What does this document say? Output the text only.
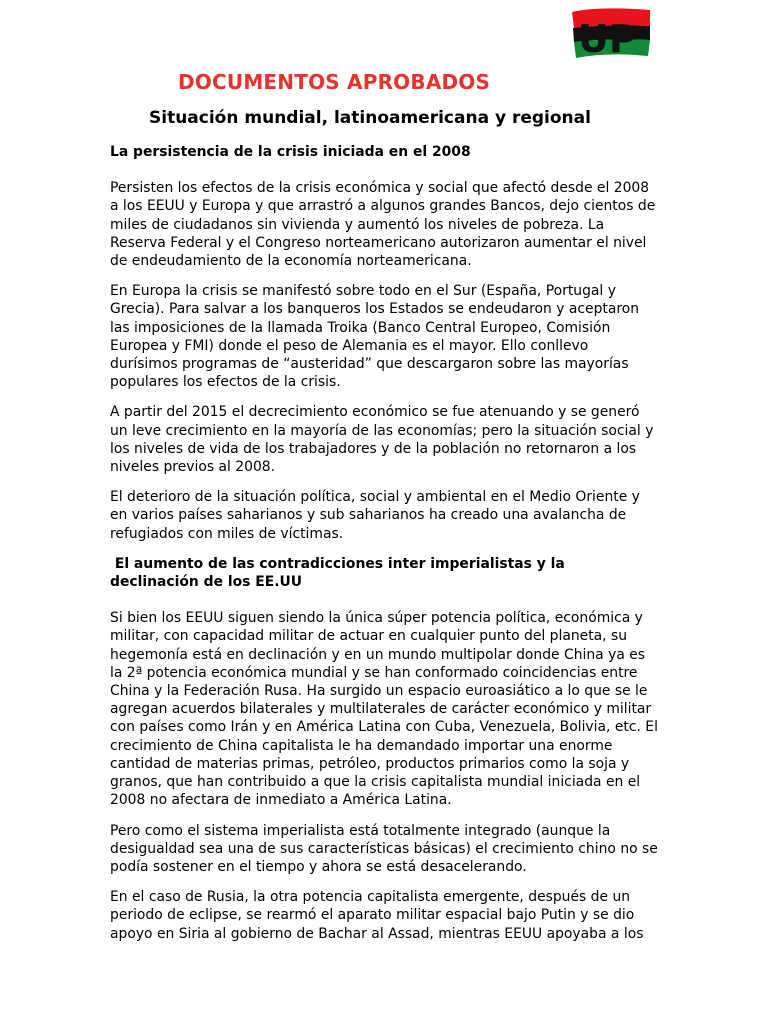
UP
DOCUMENTOS APROBADOS
Situación mundial, latinoamericana y regional
La persistencia de la crisis iniciada en el 2008

Persisten los efectos de la crisis económica y social que afectó desde el 2008 a los EEUU y Europa y que arrastró a algunos grandes Bancos, dejo cientos de miles de ciudadanos sin vivienda y aumentó los niveles de pobreza. La Reserva Federal y el Congreso norteamericano autorizaron aumentar el nivel de endeudamiento de la economía norteamericana.

En Europa la crisis se manifestó sobre todo en el Sur (España, Portugal y Grecia). Para salvar a los banqueros los Estados se endeudaron y aceptaron las imposiciones de la llamada Troika (Banco Central Europeo, Comisión Europea y FMI) donde el peso de Alemania es el mayor. Ello conllevo durísimos programas de “austeridad” que descargaron sobre las mayorías populares los efectos de la crisis.

A partir del 2015 el decrecimiento económico se fue atenuando y se generó un leve crecimiento en la mayoría de las economías; pero la situación social y los niveles de vida de los trabajadores y de la población no retornaron a los niveles previos al 2008.

El deterioro de la situación política, social y ambiental en el Medio Oriente y en varios países saharianos y sub saharianos ha creado una avalancha de refugiados con miles de víctimas.

El aumento de las contradicciones inter imperialistas y la declinación de los EE.UU

Si bien los EEUU siguen siendo la única súper potencia política, económica y militar, con capacidad militar de actuar en cualquier punto del planeta, su hegemonía está en declinación y en un mundo multipolar donde China ya es la 2ª potencia económica mundial y se han conformado coincidencias entre China y la Federación Rusa. Ha surgido un espacio euroasiático a lo que se le agregan acuerdos bilaterales y multilaterales de carácter económico y militar con países como Irán y en América Latina con Cuba, Venezuela, Bolivia, etc. El crecimiento de China capitalista le ha demandado importar una enorme cantidad de materias primas, petróleo, productos primarios como la soja y granos, que han contribuido a que la crisis capitalista mundial iniciada en el 2008 no afectara de inmediato a América Latina.

Pero como el sistema imperialista está totalmente integrado (aunque la desigualdad sea una de sus características básicas) el crecimiento chino no se podía sostener en el tiempo y ahora se está desacelerando.

En el caso de Rusia, la otra potencia capitalista emergente, después de un periodo de eclipse, se rearmó el aparato militar espacial bajo Putin y se dio apoyo en Siria al gobierno de Bachar al Assad, mientras EEUU apoyaba a los
